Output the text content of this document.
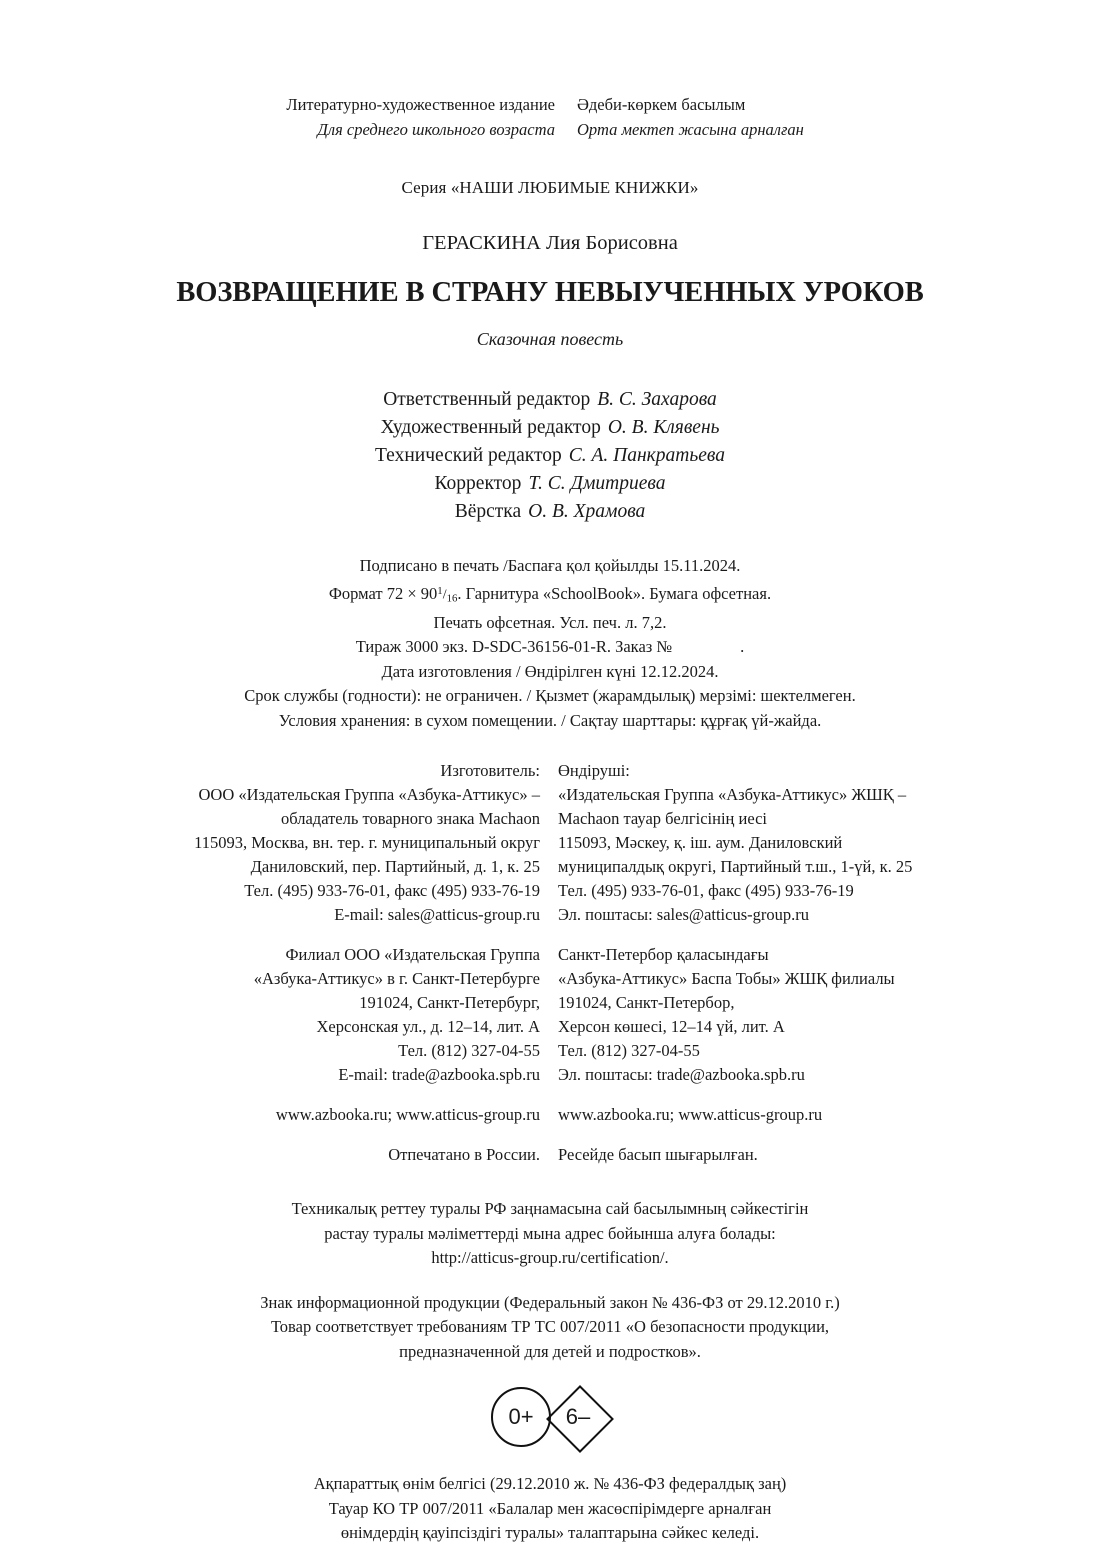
Литературно-художественное издание Әдеби-көркем басылым
Для среднего школьного возраста Орта мектеп жасына арналған
Серия «НАШИ ЛЮБИМЫЕ КНИЖКИ»
ГЕРАСКИНА Лия Борисовна
ВОЗВРАЩЕНИЕ В СТРАНУ НЕВЫУЧЕННЫХ УРОКОВ
Сказочная повесть
Ответственный редактор В. С. Захарова
Художественный редактор О. В. Клявень
Технический редактор С. А. Панкратьева
Корректор Т. С. Дмитриева
Вёрстка О. В. Храмова
Подписано в печать /Баспаға қол қойылды 15.11.2024.
Формат $72 \times 90^1/_{16}$. Гарнитура «SchoolBook». Бумага офсетная.
Печать офсетная. Усл. печ. л. 7,2.
Тираж 3000 экз. D-SDC-36156-01-R. Заказ №	.
Дата изготовления / Өндірілген күні 12.12.2024.
Срок службы (годности): не ограничен. / Қызмет (жарамдылық) мерзімі: шектелмеген.
Условия хранения: в сухом помещении. / Сақтау шарттары: құрғақ үй-жайда.
Изготовитель: Өндіруші:
ООО «Издательская Группа «Азбука-Аттикус» – «Издательская Группа «Азбука-Аттикус» ЖШҚ –
обладатель товарного знака Machaon Machaon тауар белгісінің иесі
115093, Москва, вн. тер. г. муниципальный округ 115093, Мәскеу, қ. іш. аум. Даниловский
Даниловский, пер. Партийный, д. 1, к. 25 муниципалдық округі, Партийный т.ш., 1-үй, к. 25
Тел. (495) 933-76-01, факс (495) 933-76-19 Тел. (495) 933-76-01, факс (495) 933-76-19
E-mail: sales@atticus-group.ru Эл. поштасы: sales@atticus-group.ru
Филиал ООО «Издательская Группа Санкт-Петербор қаласындағы
«Азбука-Аттикус» в г. Санкт-Петербурге «Азбука-Аттикус» Баспа Тобы» ЖШҚ филиалы
191024, Санкт-Петербург, 191024, Санкт-Петербор,
Херсонская ул., д. 12–14, лит. А Херсон көшесі, 12–14 үй, лит. А
Тел. (812) 327-04-55 Тел. (812) 327-04-55
E-mail: trade@azbooka.spb.ru Эл. поштасы: trade@azbooka.spb.ru
www.azbooka.ru; www.atticus-group.ru www.azbooka.ru; www.atticus-group.ru
Отпечатано в России. Ресейде басып шығарылған.
Техникалық реттеу туралы РФ заңнамасына сай басылымның сәйкестігін
растау туралы мәліметтерді мына адрес бойынша алуға болады:
http://atticus-group.ru/certification/.
Знак информационной продукции (Федеральный закон № 436-ФЗ от 29.12.2010 г.)
Товар соответствует требованиям ТР ТС 007/2011 «О безопасности продукции,
предназначенной для детей и подростков».
0+ 6–
Ақпараттық өнім белгісі (29.12.2010 ж. № 436-ФЗ федералдық заң)
Тауар КО ТР 007/2011 «Балалар мен жасөспірімдерге арналған
өнімдердің қауіпсіздігі туралы» талаптарына сәйкес келеді.
